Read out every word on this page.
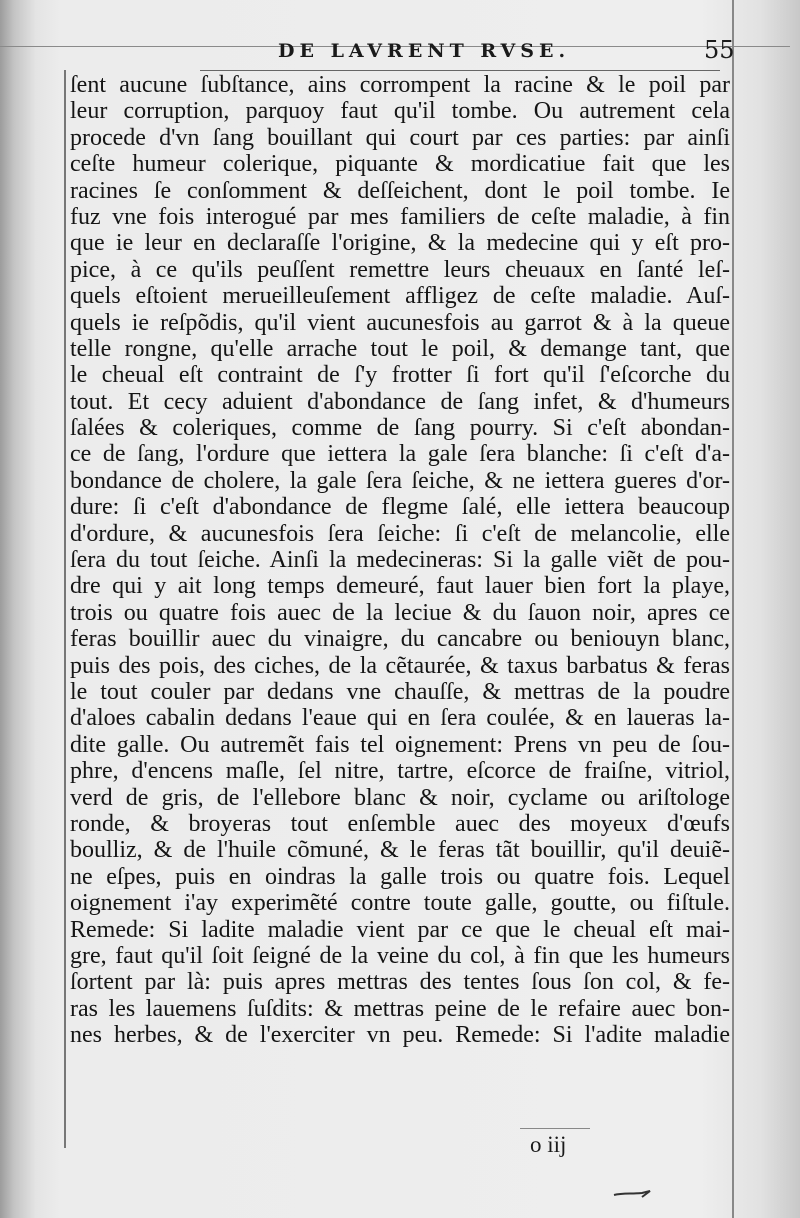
DE LAVRENT RVSE.	55
ſent aucune ſubſtance, ains corrompent la racine & le poil par
leur corruption, parquoy faut qu'il tombe. Ou autrement cela
procede d'vn ſang bouillant qui court par ces parties: par ainſi
ceſte humeur colerique, piquante & mordicatiue fait que les
racines ſe conſomment & deſſeichent, dont le poil tombe. Ie
fuz vne fois interogué par mes familiers de ceſte maladie, à fin
que ie leur en declaraſſe l'origine, & la medecine qui y eſt pro-
pice, à ce qu'ils peuſſent remettre leurs cheuaux en ſanté leſ-
quels eſtoient merueilleuſement affligez de ceſte maladie. Auſ-
quels ie reſpõdis, qu'il vient aucunesfois au garrot & à la queue
telle rongne, qu'elle arrache tout le poil, & demange tant, que
le cheual eſt contraint de ſ'y frotter ſi fort qu'il ſ'eſcorche du
tout. Et cecy aduient d'abondance de ſang infet, & d'humeurs
ſalées & coleriques, comme de ſang pourry. Si c'eſt abondan-
ce de ſang, l'ordure que iettera la gale ſera blanche: ſi c'eſt d'a-
bondance de cholere, la gale ſera ſeiche, & ne iettera gueres d'or-
dure: ſi c'eſt d'abondance de flegme ſalé, elle iettera beaucoup
d'ordure, & aucunesfois ſera ſeiche: ſi c'eſt de melancolie, elle
ſera du tout ſeiche. Ainſi la medecineras: Si la galle viẽt de pou-
dre qui y ait long temps demeuré, faut lauer bien fort la playe,
trois ou quatre fois auec de la leciue & du ſauon noir, apres ce
feras bouillir auec du vinaigre, du cancabre ou beniouyn blanc,
puis des pois, des ciches, de la cẽtaurée, & taxus barbatus & feras
le tout couler par dedans vne chauſſe, & mettras de la poudre
d'aloes cabalin dedans l'eaue qui en ſera coulée, & en laueras la-
dite galle. Ou autremẽt fais tel oignement: Prens vn peu de ſou-
phre, d'encens maſle, ſel nitre, tartre, eſcorce de fraiſne, vitriol,
verd de gris, de l'ellebore blanc & noir, cyclame ou ariſtologe
ronde, & broyeras tout enſemble auec des moyeux d'œufs
boulliz, & de l'huile cõmuné, & le feras tãt bouillir, qu'il deuiẽ-
ne eſpes, puis en oindras la galle trois ou quatre fois. Lequel
oignement i'ay experimẽté contre toute galle, goutte, ou fiſtule.
Remede: Si ladite maladie vient par ce que le cheual eſt mai-
gre, faut qu'il ſoit ſeigné de la veine du col, à fin que les humeurs
ſortent par là: puis apres mettras des tentes ſous ſon col, & fe-
ras les lauemens ſuſdits: & mettras peine de le refaire auec bon-
nes herbes, & de l'exerciter vn peu. Remede: Si l'adite maladie
o iij
